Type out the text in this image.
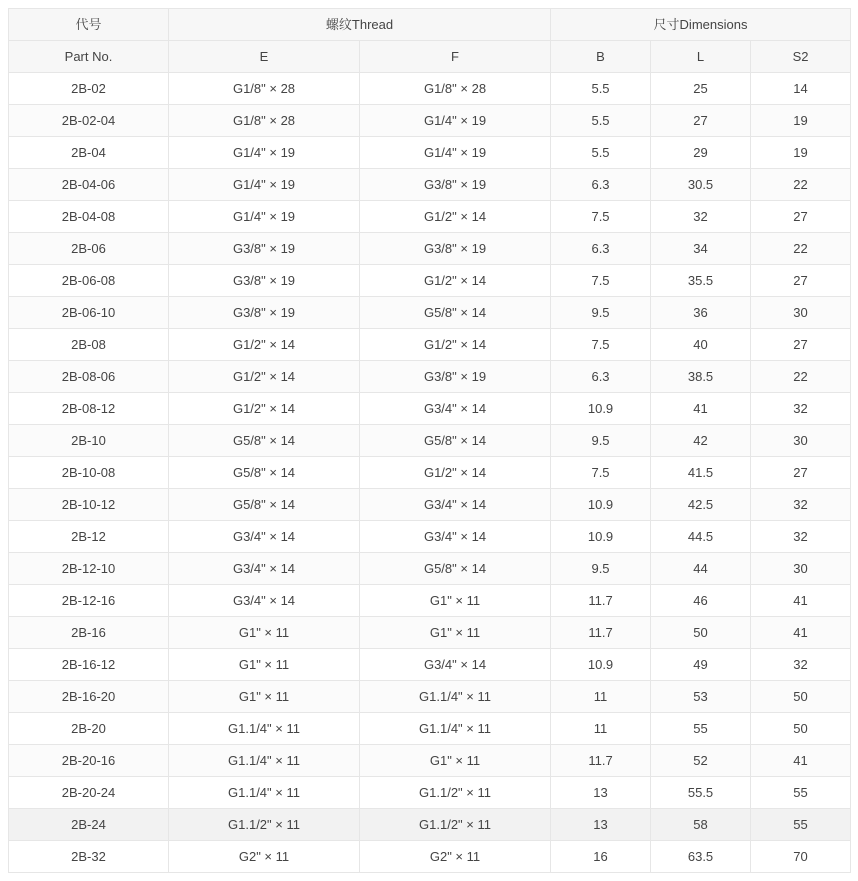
代号	螺纹Thread		尺寸Dimensions		
Part No.	E	F	B	L	S2
2B-02	G1/8" × 28	G1/8" × 28	5.5	25	14
2B-02-04	G1/8" × 28	G1/4" × 19	5.5	27	19
2B-04	G1/4" × 19	G1/4" × 19	5.5	29	19
2B-04-06	G1/4" × 19	G3/8" × 19	6.3	30.5	22
2B-04-08	G1/4" × 19	G1/2" × 14	7.5	32	27
2B-06	G3/8" × 19	G3/8" × 19	6.3	34	22
2B-06-08	G3/8" × 19	G1/2" × 14	7.5	35.5	27
2B-06-10	G3/8" × 19	G5/8" × 14	9.5	36	30
2B-08	G1/2" × 14	G1/2" × 14	7.5	40	27
2B-08-06	G1/2" × 14	G3/8" × 19	6.3	38.5	22
2B-08-12	G1/2" × 14	G3/4" × 14	10.9	41	32
2B-10	G5/8" × 14	G5/8" × 14	9.5	42	30
2B-10-08	G5/8" × 14	G1/2" × 14	7.5	41.5	27
2B-10-12	G5/8" × 14	G3/4" × 14	10.9	42.5	32
2B-12	G3/4" × 14	G3/4" × 14	10.9	44.5	32
2B-12-10	G3/4" × 14	G5/8" × 14	9.5	44	30
2B-12-16	G3/4" × 14	G1" × 11	11.7	46	41
2B-16	G1" × 11	G1" × 11	11.7	50	41
2B-16-12	G1" × 11	G3/4" × 14	10.9	49	32
2B-16-20	G1" × 11	G1.1/4" × 11	11	53	50
2B-20	G1.1/4" × 11	G1.1/4" × 11	11	55	50
2B-20-16	G1.1/4" × 11	G1" × 11	11.7	52	41
2B-20-24	G1.1/4" × 11	G1.1/2" × 11	13	55.5	55
2B-24	G1.1/2" × 11	G1.1/2" × 11	13	58	55
2B-32	G2" × 11	G2" × 11	16	63.5	70
